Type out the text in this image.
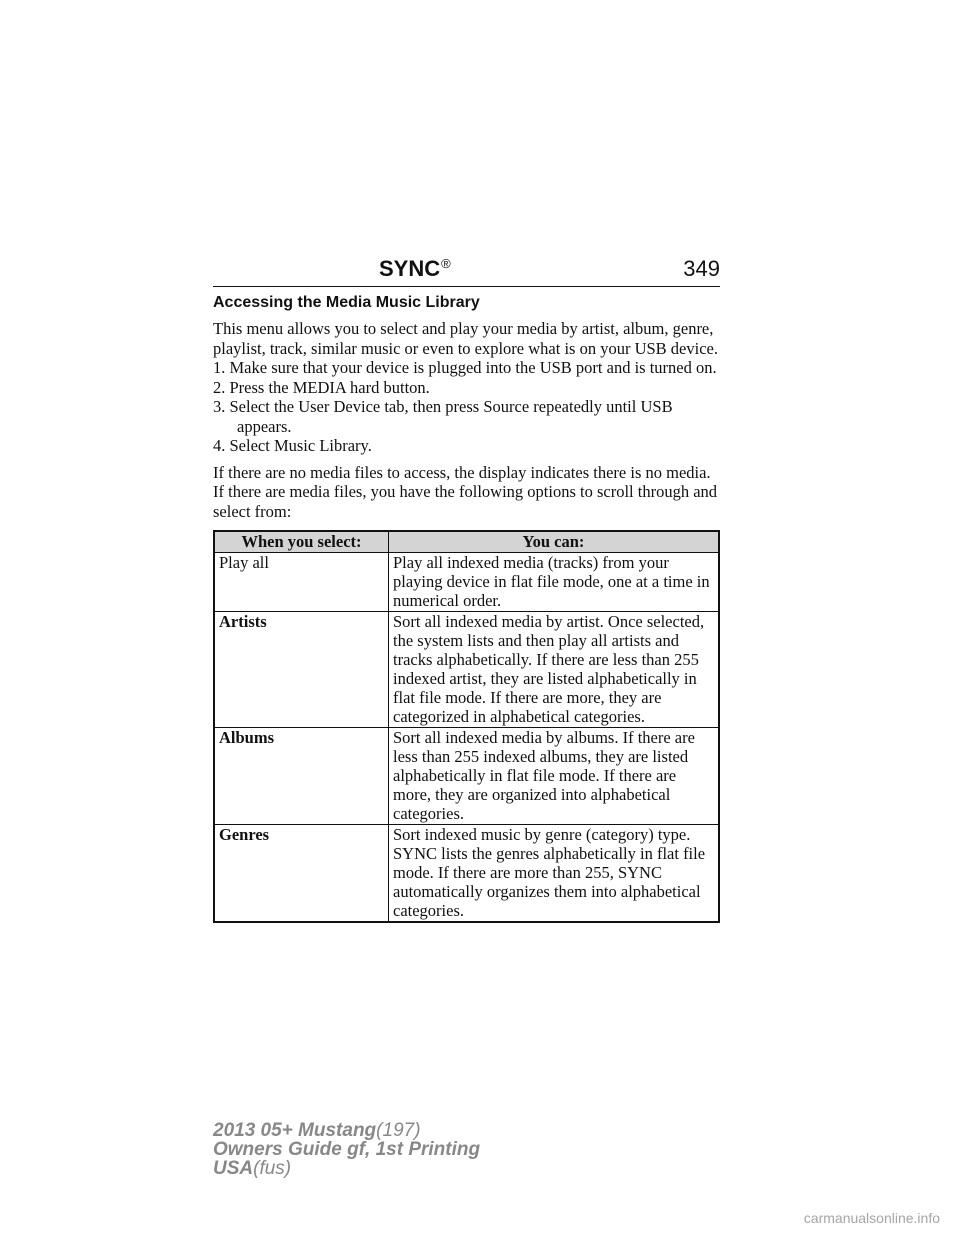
SYNC®	349
Accessing the Media Music Library

This menu allows you to select and play your media by artist, album, genre, playlist, track, similar music or even to explore what is on your USB device.

1. Make sure that your device is plugged into the USB port and is turned on.
2. Press the MEDIA hard button.
3. Select the User Device tab, then press Source repeatedly until USB appears.
4. Select Music Library.

If there are no media files to access, the display indicates there is no media. If there are media files, you have the following options to scroll through and select from:

When you select:	You can:
Play all	Play all indexed media (tracks) from your playing device in flat file mode, one at a time in numerical order.
Artists	Sort all indexed media by artist. Once selected, the system lists and then play all artists and tracks alphabetically. If there are less than 255 indexed artist, they are listed alphabetically in flat file mode. If there are more, they are categorized in alphabetical categories.
Albums	Sort all indexed media by albums. If there are less than 255 indexed albums, they are listed alphabetically in flat file mode. If there are more, they are organized into alphabetical categories.
Genres	Sort indexed music by genre (category) type. SYNC lists the genres alphabetically in flat file mode. If there are more than 255, SYNC automatically organizes them into alphabetical categories.
2013 05+ Mustang(197)
Owners Guide gf, 1st Printing
USA(fus)
carmanualsonline.info
